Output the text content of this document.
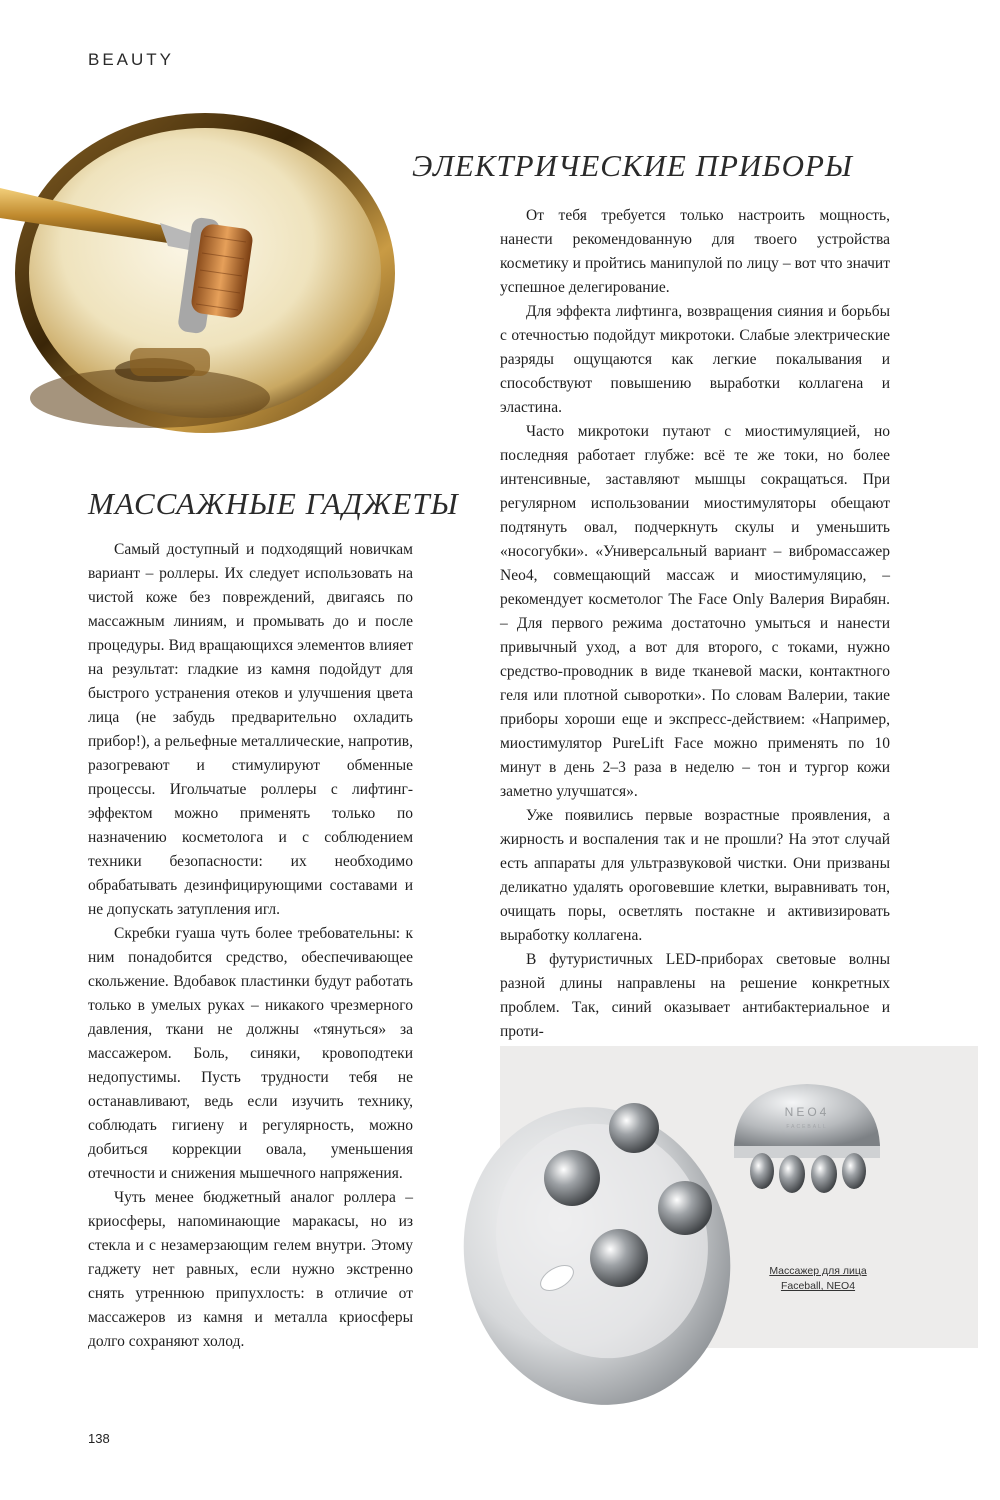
BEAUTY
ЭЛЕКТРИЧЕСКИЕ ПРИБОРЫ

От тебя требуется только настроить мощность, нанести рекомендованную для твоего устройства косметику и пройтись манипулой по лицу – вот что значит успешное делегирование.

Для эффекта лифтинга, возвращения сияния и борьбы с отечностью подойдут микротоки. Слабые электрические разряды ощущаются как легкие покалывания и способствуют повышению выработки коллагена и эластина.

Часто микротоки путают с миостимуляцией, но последняя работает глубже: всё те же токи, но более интенсивные, заставляют мышцы сокращаться. При регулярном использовании миостимуляторы обещают подтянуть овал, подчеркнуть скулы и уменьшить «носогубки». «Универсальный вариант – вибромассажер Neo4, совмещающий массаж и миостимуляцию, – рекомендует косметолог The Face Only Валерия Вирабян. – Для первого режима достаточно умыться и нанести привычный уход, а вот для второго, с токами, нужно средство-проводник в виде тканевой маски, контактного геля или плотной сыворотки». По словам Валерии, такие приборы хороши еще и экспресс-действием: «Например, миостимулятор PureLift Face можно применять по 10 минут в день 2–3 раза в неделю – тон и тургор кожи заметно улучшатся».

Уже появились первые возрастные проявления, а жирность и воспаления так и не прошли? На этот случай есть аппараты для ультразвуковой чистки. Они призваны деликатно удалять ороговевшие клетки, выравнивать тон, очищать поры, осветлять постакне и активизировать выработку коллагена.

В футуристичных LED-приборах световые волны разной длины направлены на решение конкретных проблем. Так, синий оказывает антибактериальное и проти-

МАССАЖНЫЕ ГАДЖЕТЫ

Самый доступный и подходящий новичкам вариант – роллеры. Их следует использовать на чистой коже без повреждений, двигаясь по массажным линиям, и промывать до и после процедуры. Вид вращающихся элементов влияет на результат: гладкие из камня подойдут для быстрого устранения отеков и улучшения цвета лица (не забудь предварительно охладить прибор!), а рельефные металлические, напротив, разогревают и стимулируют обменные процессы. Игольчатые роллеры с лифтинг-эффектом можно применять только по назначению косметолога и с соблюдением техники безопасности: их необходимо обрабатывать дезинфицирующими составами и не допускать затупления игл.

Скребки гуаша чуть более требовательны: к ним понадобится средство, обеспечивающее скольжение. Вдобавок пластинки будут работать только в умелых руках – никакого чрезмерного давления, ткани не должны «тянуться» за массажером. Боль, синяки, кровоподтеки недопустимы. Пусть трудности тебя не останавливают, ведь если изучить технику, соблюдать гигиену и регулярность, можно добиться коррекции овала, уменьшения отечности и снижения мышечного напряжения.

Чуть менее бюджетный аналог роллера – криосферы, напоминающие маракасы, но из стекла и с незамерзающим гелем внутри. Этому гаджету нет равных, если нужно экстренно снять утреннюю припухлость: в отличие от массажеров из камня и металла криосферы долго сохраняют холод.

NEO4
FACEBALL
Массажер для лица
Faceball, NEO4
138
